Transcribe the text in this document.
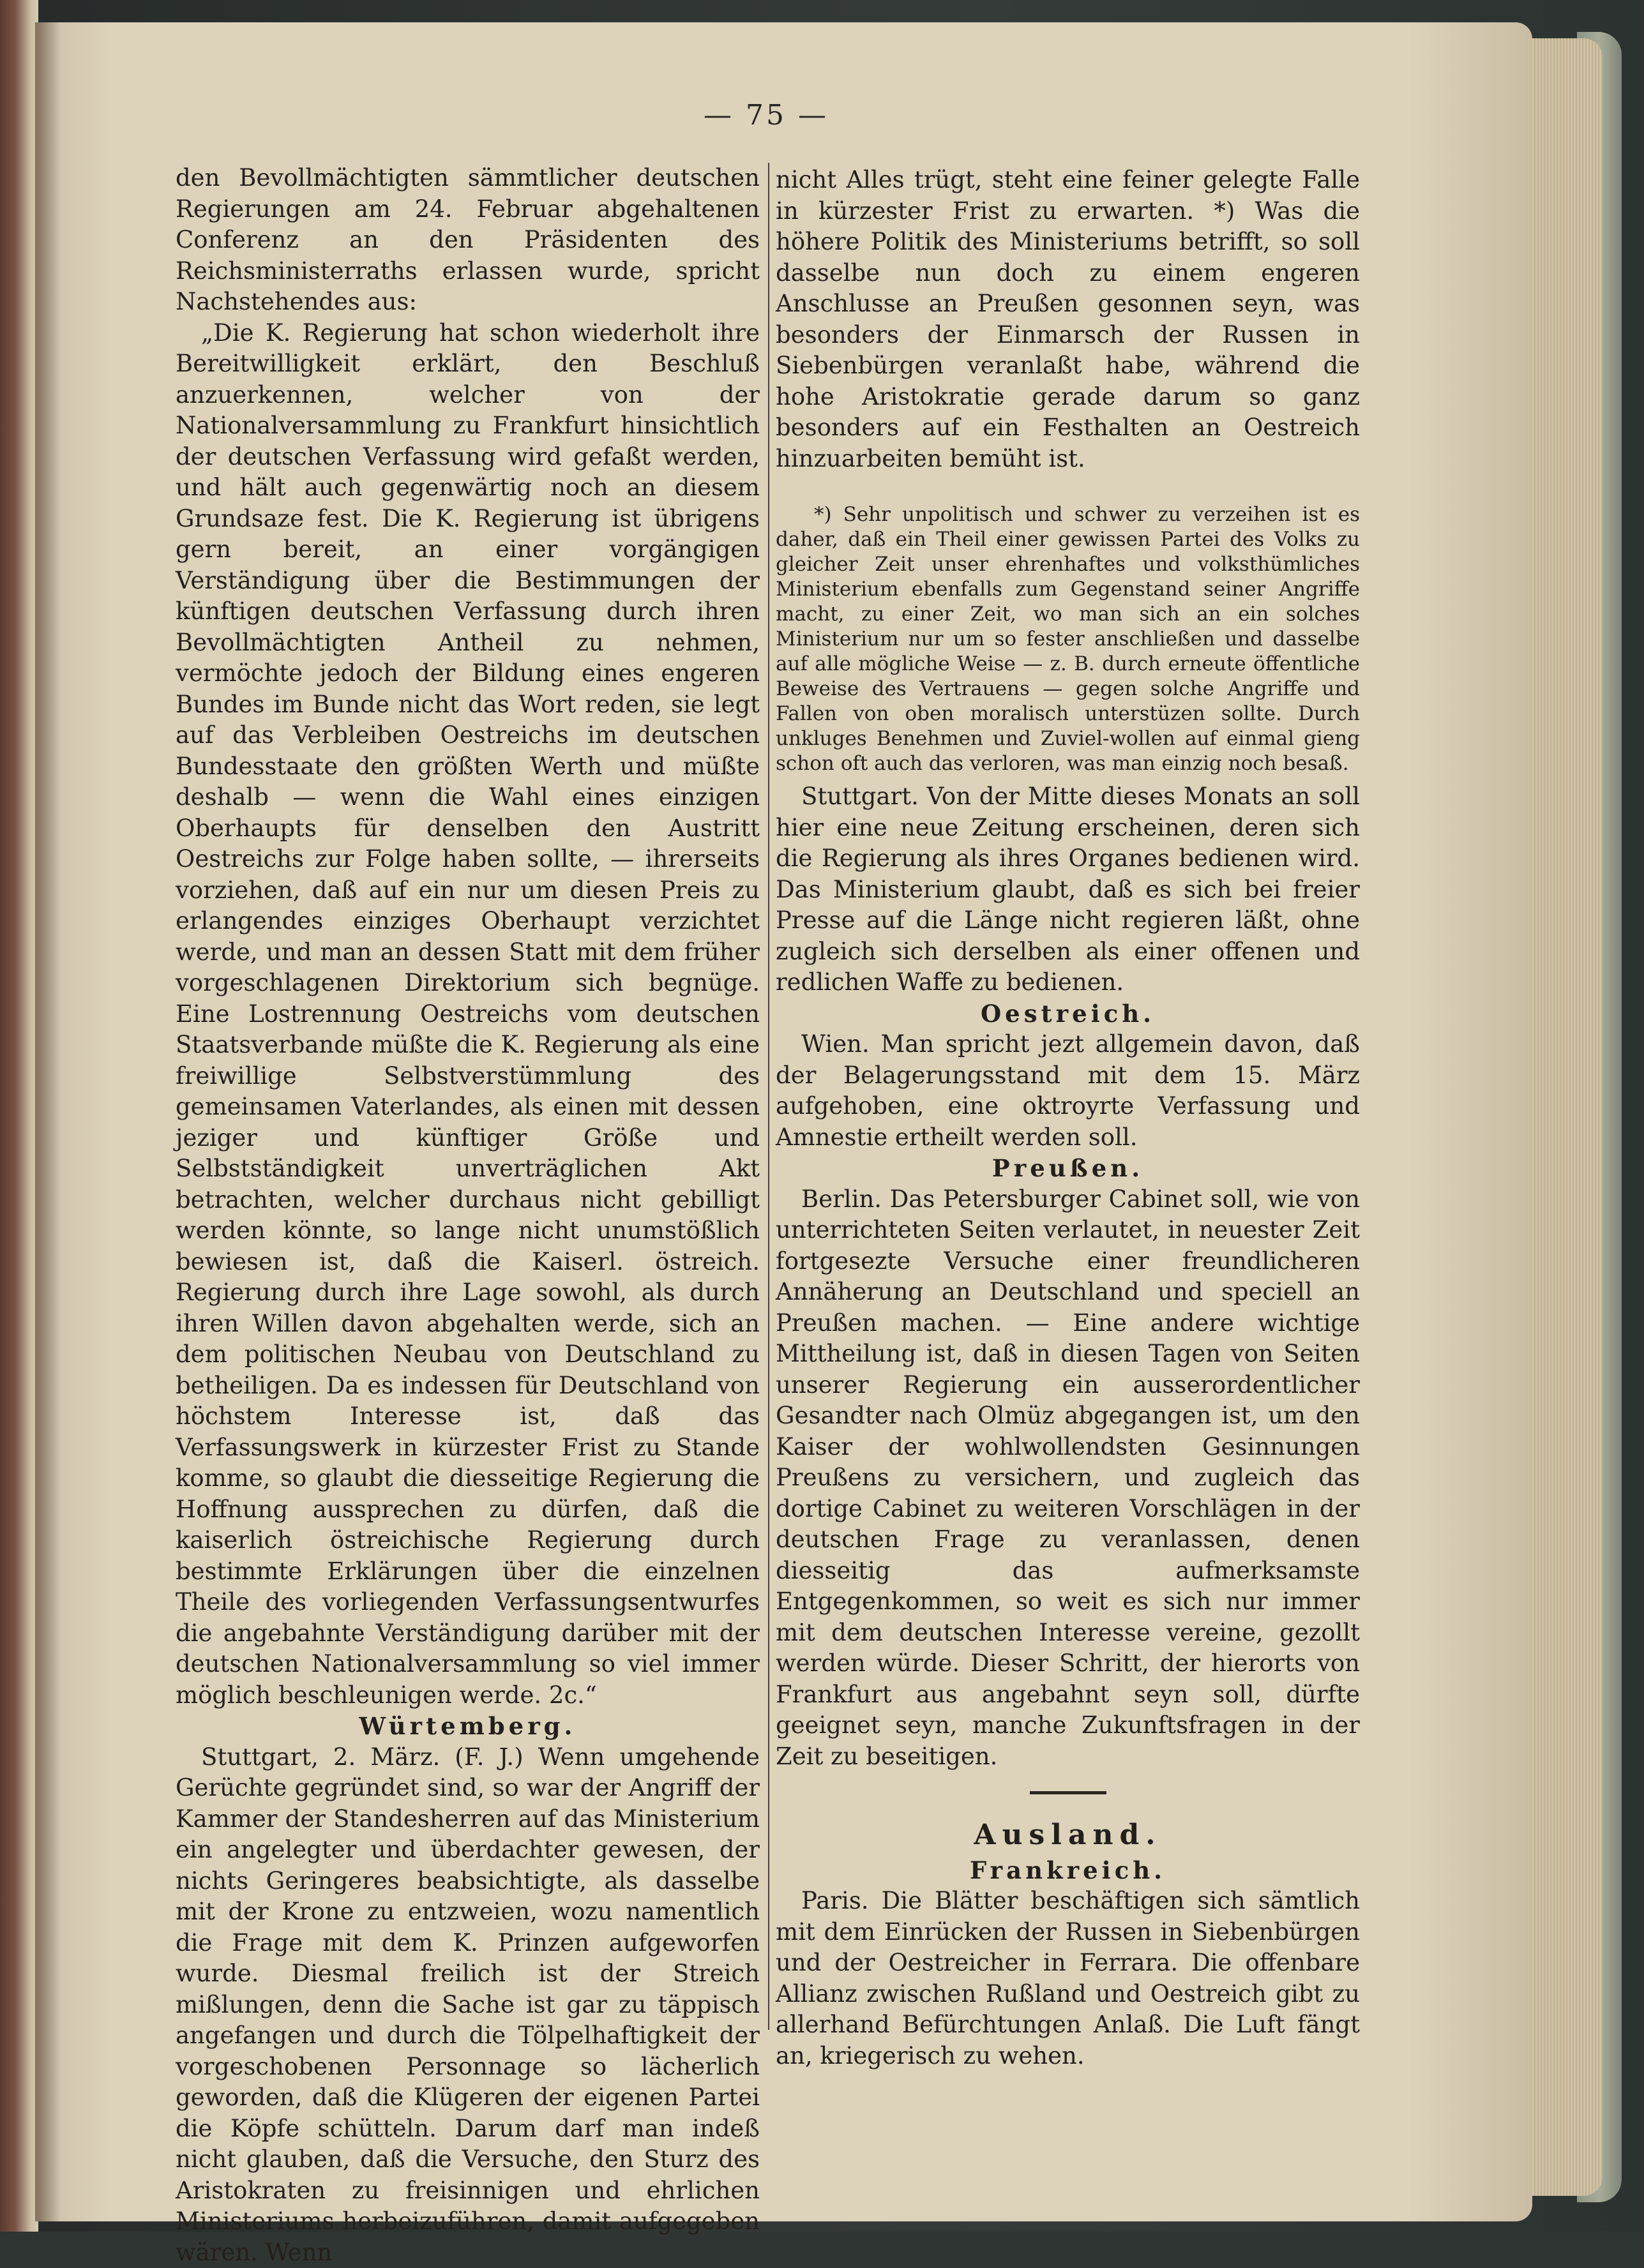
— 75 —

den Bevollmächtigten sämmtlicher deutschen Regierungen am 24. Februar abgehaltenen Conferenz an den Präsidenten des Reichsministerraths erlassen wurde, spricht Nachstehendes aus:

„Die K. Regierung hat schon wiederholt ihre Bereitwilligkeit erklärt, den Beschluß anzuerkennen, welcher von der Nationalversammlung zu Frankfurt hinsichtlich der deutschen Verfassung wird gefaßt werden, und hält auch gegenwärtig noch an diesem Grundsaze fest. Die K. Regierung ist übrigens gern bereit, an einer vorgängigen Verständigung über die Bestimmungen der künftigen deutschen Verfassung durch ihren Bevollmächtigten Antheil zu nehmen, vermöchte jedoch der Bildung eines engeren Bundes im Bunde nicht das Wort reden, sie legt auf das Verbleiben Oestreichs im deutschen Bundesstaate den größten Werth und müßte deshalb — wenn die Wahl eines einzigen Oberhaupts für denselben den Austritt Oestreichs zur Folge haben sollte, — ihrerseits vorziehen, daß auf ein nur um diesen Preis zu erlangendes einziges Oberhaupt verzichtet werde, und man an dessen Statt mit dem früher vorgeschlagenen Direktorium sich begnüge. Eine Lostrennung Oestreichs vom deutschen Staatsverbande müßte die K. Regierung als eine freiwillige Selbstverstümmlung des gemeinsamen Vaterlandes, als einen mit dessen jeziger und künftiger Größe und Selbstständigkeit unverträglichen Akt betrachten, welcher durchaus nicht gebilligt werden könnte, so lange nicht unumstößlich bewiesen ist, daß die Kaiserl. östreich. Regierung durch ihre Lage sowohl, als durch ihren Willen davon abgehalten werde, sich an dem politischen Neubau von Deutschland zu betheiligen. Da es indessen für Deutschland von höchstem Interesse ist, daß das Verfassungswerk in kürzester Frist zu Stande komme, so glaubt die diesseitige Regierung die Hoffnung aussprechen zu dürfen, daß die kaiserlich östreichische Regierung durch bestimmte Erklärungen über die einzelnen Theile des vorliegenden Verfassungsentwurfes die angebahnte Verständigung darüber mit der deutschen Nationalversammlung so viel immer möglich beschleunigen werde. 2c.“

Würtemberg.

Stuttgart, 2. März. (F. J.) Wenn umgehende Gerüchte gegründet sind, so war der Angriff der Kammer der Standesherren auf das Ministerium ein angelegter und überdachter gewesen, der nichts Geringeres beabsichtigte, als dasselbe mit der Krone zu entzweien, wozu namentlich die Frage mit dem K. Prinzen aufgeworfen wurde. Diesmal freilich ist der Streich mißlungen, denn die Sache ist gar zu täppisch angefangen und durch die Tölpelhaftigkeit der vorgeschobenen Personnage so lächerlich geworden, daß die Klügeren der eigenen Partei die Köpfe schütteln. Darum darf man indeß nicht glauben, daß die Versuche, den Sturz des Aristokraten zu freisinnigen und ehrlichen Ministeriums herbeizuführen, damit aufgegeben wären. Wenn

nicht Alles trügt, steht eine feiner gelegte Falle in kürzester Frist zu erwarten. *) Was die höhere Politik des Ministeriums betrifft, so soll dasselbe nun doch zu einem engeren Anschlusse an Preußen gesonnen seyn, was besonders der Einmarsch der Russen in Siebenbürgen veranlaßt habe, während die hohe Aristokratie gerade darum so ganz besonders auf ein Festhalten an Oestreich hinzuarbeiten bemüht ist.

*) Sehr unpolitisch und schwer zu verzeihen ist es daher, daß ein Theil einer gewissen Partei des Volks zu gleicher Zeit unser ehrenhaftes und volksthümliches Ministerium ebenfalls zum Gegenstand seiner Angriffe macht, zu einer Zeit, wo man sich an ein solches Ministerium nur um so fester anschließen und dasselbe auf alle mögliche Weise — z. B. durch erneute öffentliche Beweise des Vertrauens — gegen solche Angriffe und Fallen von oben moralisch unterstüzen sollte. Durch unkluges Benehmen und Zuviel-wollen auf einmal gieng schon oft auch das verloren, was man einzig noch besaß.

Stuttgart. Von der Mitte dieses Monats an soll hier eine neue Zeitung erscheinen, deren sich die Regierung als ihres Organes bedienen wird. Das Ministerium glaubt, daß es sich bei freier Presse auf die Länge nicht regieren läßt, ohne zugleich sich derselben als einer offenen und redlichen Waffe zu bedienen.

Oestreich.

Wien. Man spricht jezt allgemein davon, daß der Belagerungsstand mit dem 15. März aufgehoben, eine oktroyrte Verfassung und Amnestie ertheilt werden soll.

Preußen.

Berlin. Das Petersburger Cabinet soll, wie von unterrichteten Seiten verlautet, in neuester Zeit fortgesezte Versuche einer freundlicheren Annäherung an Deutschland und speciell an Preußen machen. — Eine andere wichtige Mittheilung ist, daß in diesen Tagen von Seiten unserer Regierung ein ausserordentlicher Gesandter nach Olmüz abgegangen ist, um den Kaiser der wohlwollendsten Gesinnungen Preußens zu versichern, und zugleich das dortige Cabinet zu weiteren Vorschlägen in der deutschen Frage zu veranlassen, denen diesseitig das aufmerksamste Entgegenkommen, so weit es sich nur immer mit dem deutschen Interesse vereine, gezollt werden würde. Dieser Schritt, der hierorts von Frankfurt aus angebahnt seyn soll, dürfte geeignet seyn, manche Zukunftsfragen in der Zeit zu beseitigen.

Ausland.

Frankreich.

Paris. Die Blätter beschäftigen sich sämtlich mit dem Einrücken der Russen in Siebenbürgen und der Oestreicher in Ferrara. Die offenbare Allianz zwischen Rußland und Oestreich gibt zu allerhand Befürchtungen Anlaß. Die Luft fängt an, kriegerisch zu wehen.
